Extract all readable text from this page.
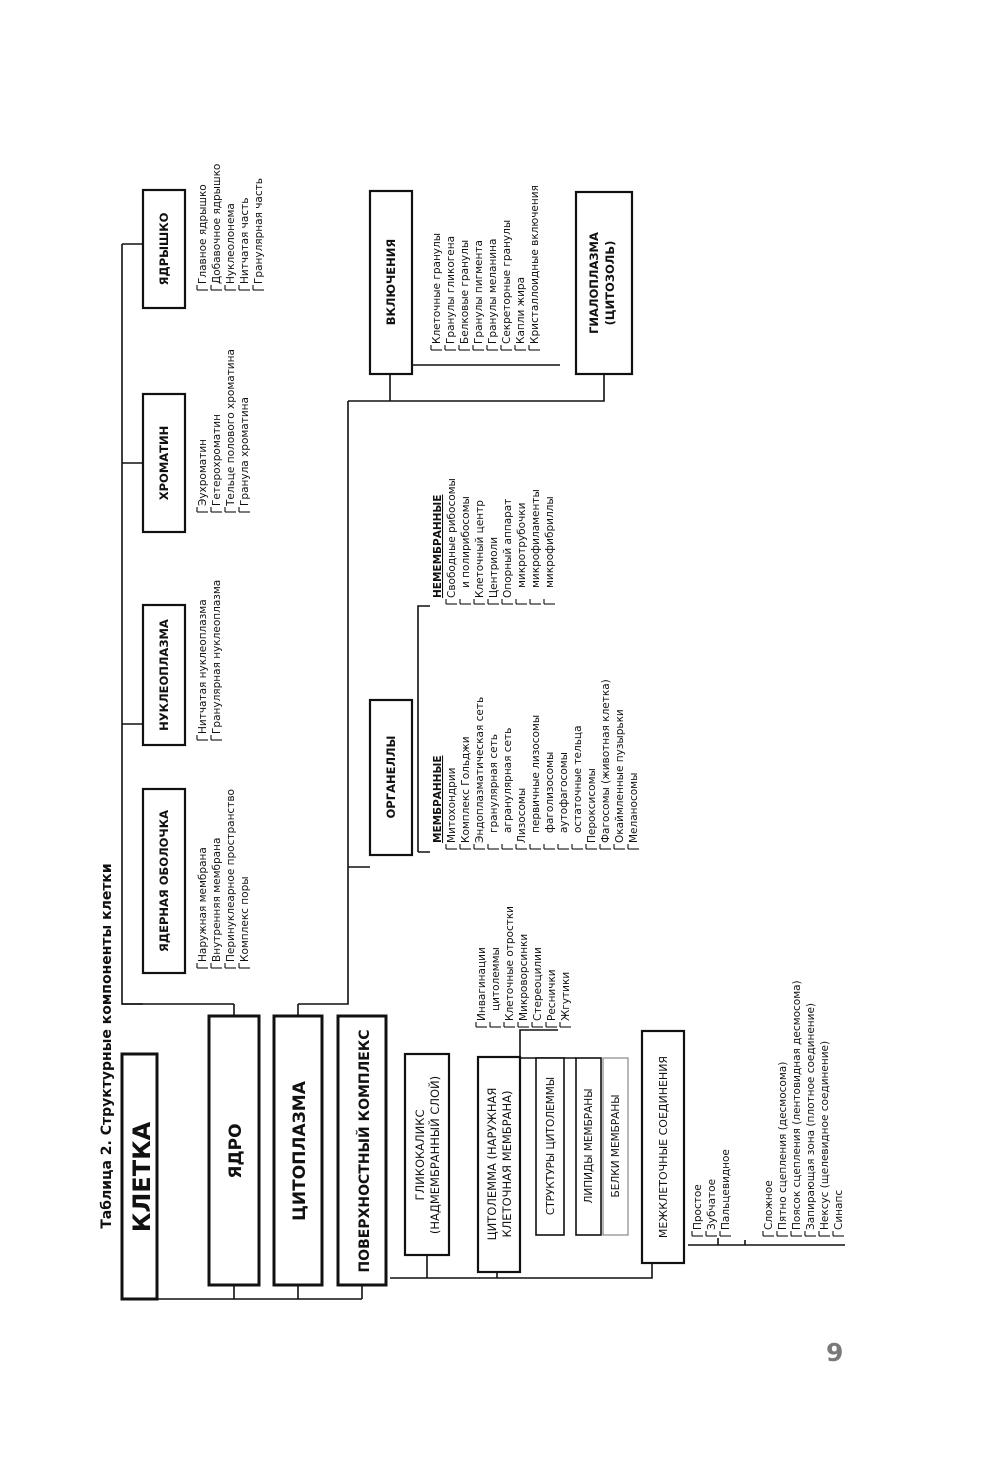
Таблица 2. Структурные компоненты клетки КЛЕТКА	ЯДРО	ЦИТОПЛАЗМА	ПОВЕРХНОСТНЫЙ КОМПЛЕКС
ЯДЕРНАЯ ОБОЛОЧКА
НУКЛЕОПЛАЗМА
ХРОМАТИН
ЯДРЫШКО
ОРГАНЕЛЛЫ
ВКЛЮЧЕНИЯ	ГИАЛОПЛАЗМА (ЦИТОЗОЛЬ)
ГЛИКОКАЛИКС (НАДМЕМБРАННЫЙ СЛОЙ)	ЦИТОЛЕММА (НАРУЖНАЯ КЛЕТОЧНАЯ МЕМБРАНА)	СТРУКТУРЫ ЦИТОЛЕММЫ ЛИПИДЫ МЕМБРАНЫ БЕЛКИ МЕМБРАНЫ	МЕЖКЛЕТОЧНЫЕ СОЕДИНЕНИЯ
Наружная мембрана Внутренняя мембрана Перинуклеарное пространство Комплекс поры
Нитчатая нуклеоплазма Гранулярная нуклеоплазма
Эухроматин Гетерохроматин Тельце полового хроматина Гранула хроматина
Главное ядрышко Добавочное ядрышко Нуклеолонема Нитчатая часть Гранулярная часть
МЕМБРАННЫЕ Митохондрии Комплекс Гольджи Эндоплазматическая сеть гранулярная сеть агранулярная сеть Лизосомы первичные лизосомы фаголизосомы аутофагосомы остаточные тельца Пероксисомы Фагосомы (животная клетка) Окаймленные пузырьки Меланосомы
НЕМЕМБРАННЫЕ Свободные рибосомы и полирибосомы Клеточный центр Центриоли Опорный аппарат микротрубочки микрофиламенты микрофибриллы
Клеточные гранулы Гранулы гликогена Белковые гранулы Гранулы пигмента Гранулы меланина Секреторные гранулы Капли жира Кристаллоидные включения
Инвагинации цитолеммы Клеточные отростки Микроворсинки Стереоцилии Реснички Жгутики
Простое Зубчатое Пальцевидное	Сложное Пятно сцепления (десмосома) Поясок сцепления (лентовидная десмосома) Запирающая зона (плотное соединение) Нексус (щелевидное соединение) Синапс
9
